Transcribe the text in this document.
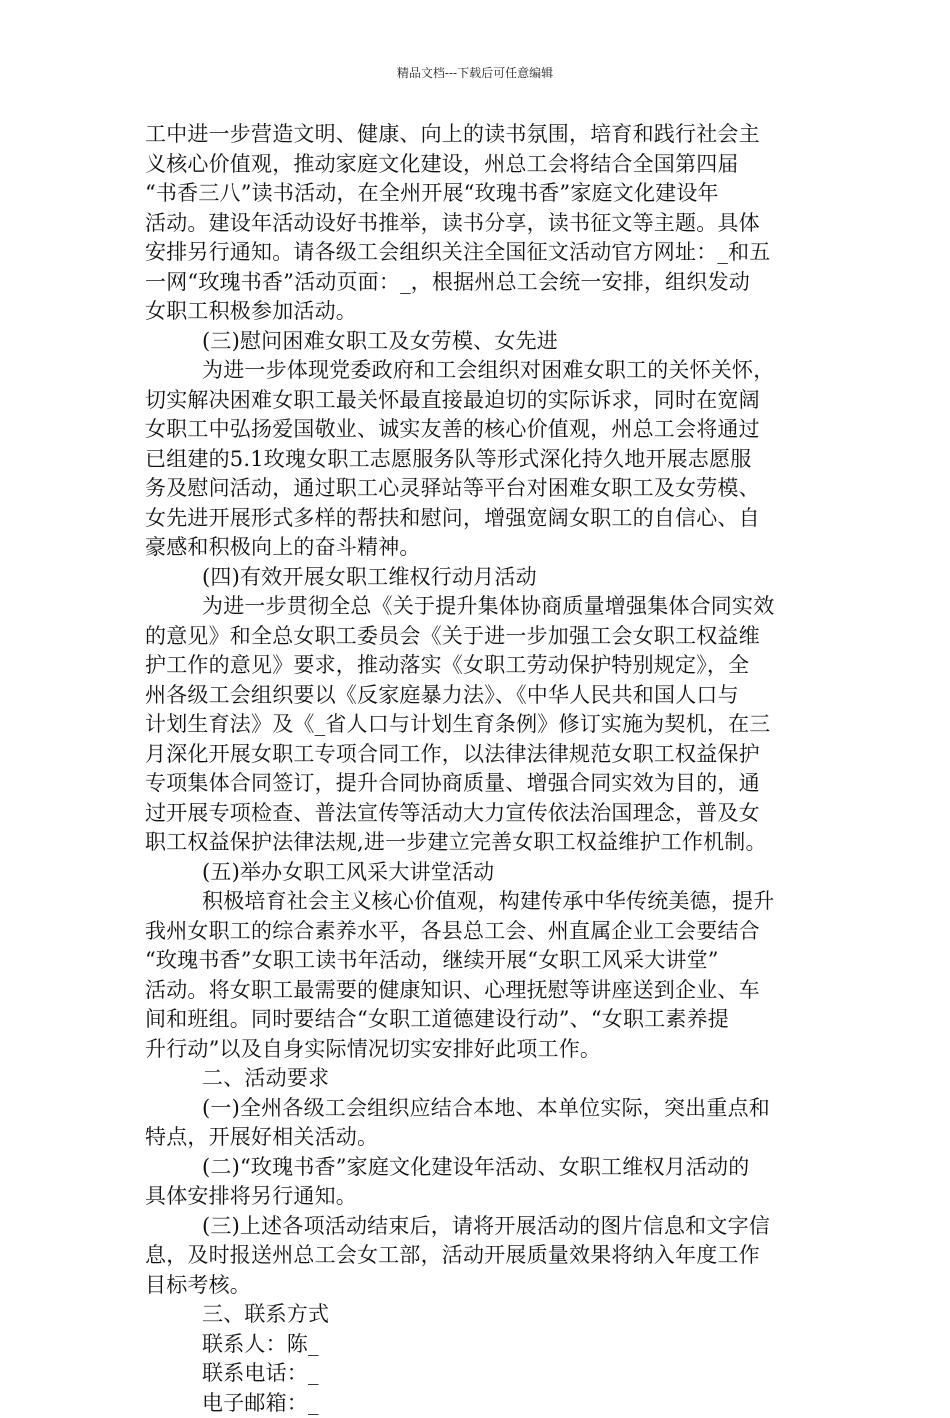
精品文档---下载后可任意编辑
工中进一步营造文明、健康、向上的读书氛围，培育和践行社会主
义核心价值观，推动家庭文化建设，州总工会将结合全国第四届
“书香三八”读书活动，在全州开展“玫瑰书香”家庭文化建设年
活动。建设年活动设好书推举，读书分享，读书征文等主题。具体
安排另行通知。请各级工会组织关注全国征文活动官方网址：_和五
一网“玫瑰书香”活动页面：_，根据州总工会统一安排，组织发动
女职工积极参加活动。
(三)慰问困难女职工及女劳模、女先进
为进一步体现党委政府和工会组织对困难女职工的关怀关怀，
切实解决困难女职工最关怀最直接最迫切的实际诉求，同时在宽阔
女职工中弘扬爱国敬业、诚实友善的核心价值观，州总工会将通过
已组建的5.1玫瑰女职工志愿服务队等形式深化持久地开展志愿服
务及慰问活动，通过职工心灵驿站等平台对困难女职工及女劳模、
女先进开展形式多样的帮扶和慰问，增强宽阔女职工的自信心、自
豪感和积极向上的奋斗精神。
(四)有效开展女职工维权行动月活动
为进一步贯彻全总《关于提升集体协商质量增强集体合同实效
的意见》和全总女职工委员会《关于进一步加强工会女职工权益维
护工作的意见》要求，推动落实《女职工劳动保护特别规定》，全
州各级工会组织要以《反家庭暴力法》、《中华人民共和国人口与
计划生育法》及《_省人口与计划生育条例》修订实施为契机，在三
月深化开展女职工专项合同工作，以法律法律规范女职工权益保护
专项集体合同签订，提升合同协商质量、增强合同实效为目的，通
过开展专项检查、普法宣传等活动大力宣传依法治国理念，普及女
职工权益保护法律法规,进一步建立完善女职工权益维护工作机制。
(五)举办女职工风采大讲堂活动
积极培育社会主义核心价值观，构建传承中华传统美德，提升
我州女职工的综合素养水平，各县总工会、州直属企业工会要结合
“玫瑰书香”女职工读书年活动，继续开展“女职工风采大讲堂”
活动。将女职工最需要的健康知识、心理抚慰等讲座送到企业、车
间和班组。同时要结合“女职工道德建设行动”、“女职工素养提
升行动”以及自身实际情况切实安排好此项工作。
二、活动要求
(一)全州各级工会组织应结合本地、本单位实际，突出重点和
特点，开展好相关活动。
(二)“玫瑰书香”家庭文化建设年活动、女职工维权月活动的
具体安排将另行通知。
(三)上述各项活动结束后，请将开展活动的图片信息和文字信
息，及时报送州总工会女工部，活动开展质量效果将纳入年度工作
目标考核。
三、联系方式
联系人：陈_
联系电话：_
电子邮箱：_
